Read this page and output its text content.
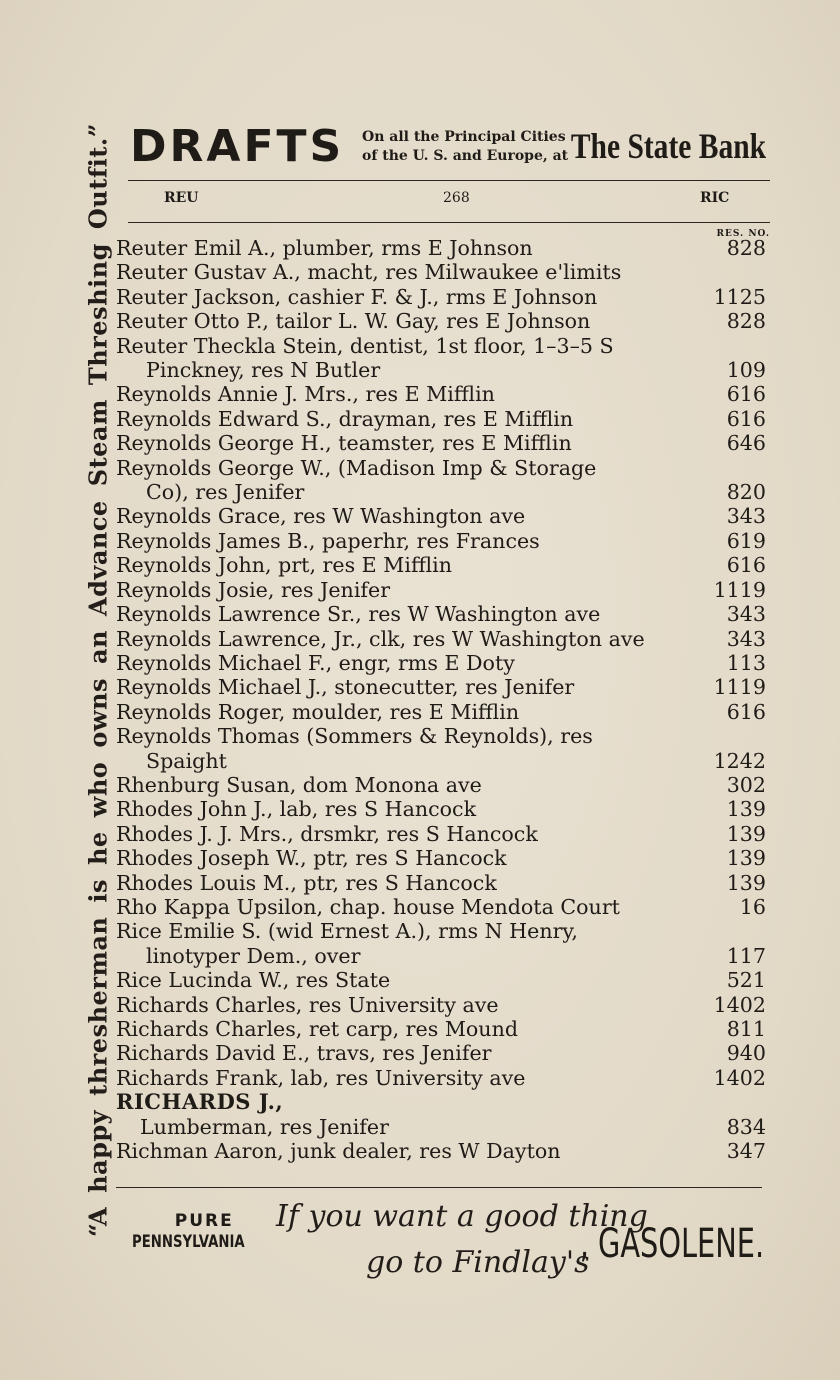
“AhappythreshermanishewhoownsanAdvanceSteamThreshingOutfit.” DRAFTS On all the Principal Cities
of the U. S. and Europe, at The State Bank
REU	268	RIC
RES. NO.
Reuter Emil A., plumber, rms E Johnson	828
Reuter Gustav A., macht, res Milwaukee e'limits
Reuter Jackson, cashier F. & J., rms E Johnson	1125
Reuter Otto P., tailor L. W. Gay, res E Johnson	828
Reuter Theckla Stein, dentist, 1st floor, 1–3–5 S
Pinckney, res N Butler	109
Reynolds Annie J. Mrs., res E Mifflin	616
Reynolds Edward S., drayman, res E Mifflin	616
Reynolds George H., teamster, res E Mifflin	646
Reynolds George W., (Madison Imp & Storage
Co), res Jenifer	820
Reynolds Grace, res W Washington ave	343
Reynolds James B., paperhr, res Frances	619
Reynolds John, prt, res E Mifflin	616
Reynolds Josie, res Jenifer	1119
Reynolds Lawrence Sr., res W Washington ave	343
Reynolds Lawrence, Jr., clk, res W Washington ave	343
Reynolds Michael F., engr, rms E Doty	113
Reynolds Michael J., stonecutter, res Jenifer	1119
Reynolds Roger, moulder, res E Mifflin	616
Reynolds Thomas (Sommers & Reynolds), res
Spaight	1242
Rhenburg Susan, dom Monona ave	302
Rhodes John J., lab, res S Hancock	139
Rhodes J. J. Mrs., drsmkr, res S Hancock	139
Rhodes Joseph W., ptr, res S Hancock	139
Rhodes Louis M., ptr, res S Hancock	139
Rho Kappa Upsilon, chap. house Mendota Court	16
Rice Emilie S. (wid Ernest A.), rms N Henry,
linotyper Dem., over	117
Rice Lucinda W., res State	521
Richards Charles, res University ave	1402
Richards Charles, ret carp, res Mound	811
Richards David E., travs, res Jenifer	940
Richards Frank, lab, res University ave	1402
RICHARDS J.,
Lumberman, res Jenifer	834
Richman Aaron, junk dealer, res W Dayton	347
PURE
PENNSYLVANIA
If you want a good thing
go to Findlay's
, GASOLENE.
